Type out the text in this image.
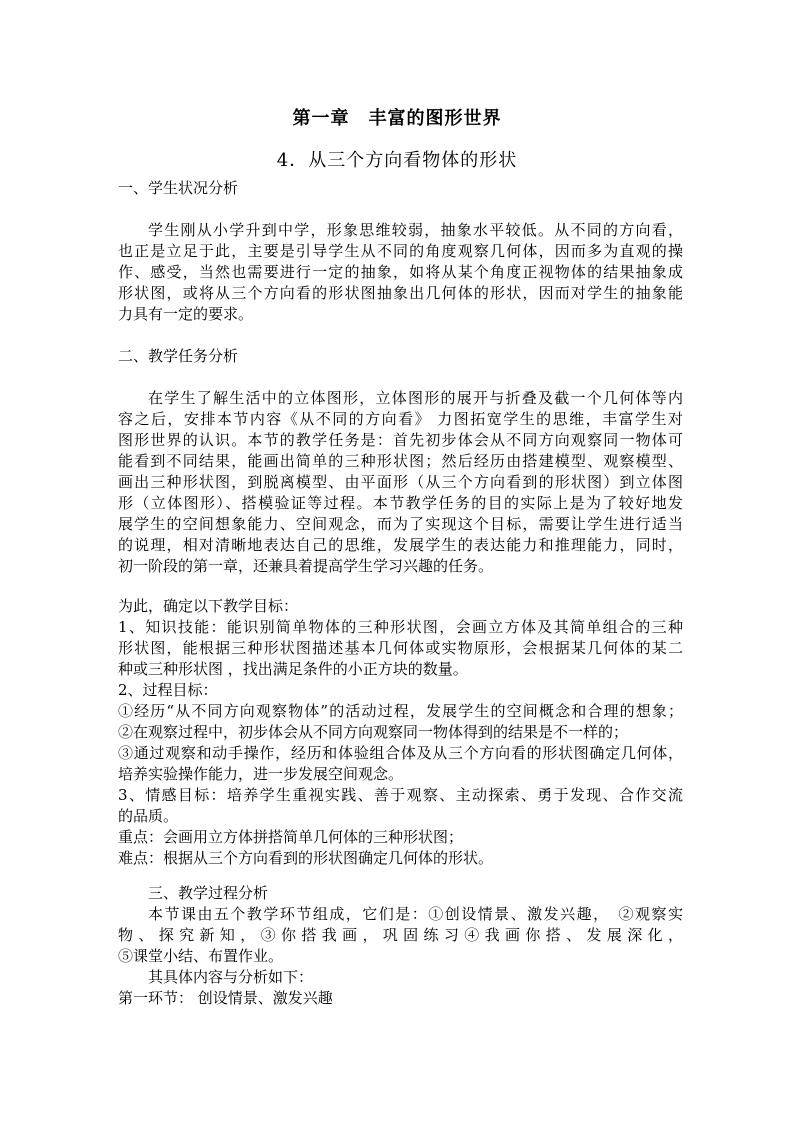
第一章　丰富的图形世界
4．从三个方向看物体的形状
一、学生状况分析
学生刚从小学升到中学，形象思维较弱，抽象水平较低。从不同的方向看，
也正是立足于此，主要是引导学生从不同的角度观察几何体，因而多为直观的操
作、感受，当然也需要进行一定的抽象，如将从某个角度正视物体的结果抽象成
形状图，或将从三个方向看的形状图抽象出几何体的形状，因而对学生的抽象能
力具有一定的要求。
二、教学任务分析
在学生了解生活中的立体图形，立体图形的展开与折叠及截一个几何体等内
容之后，安排本节内容《从不同的方向看》 力图拓宽学生的思维，丰富学生对
图形世界的认识。本节的教学任务是：首先初步体会从不同方向观察同一物体可
能看到不同结果，能画出简单的三种形状图；然后经历由搭建模型、观察模型、
画出三种形状图，到脱离模型、由平面形（从三个方向看到的形状图）到立体图
形（立体图形）、搭模验证等过程。本节教学任务的目的实际上是为了较好地发
展学生的空间想象能力、空间观念，而为了实现这个目标，需要让学生进行适当
的说理，相对清晰地表达自己的思维，发展学生的表达能力和推理能力，同时，
初一阶段的第一章，还兼具着提高学生学习兴趣的任务。
为此，确定以下教学目标：
1、知识技能：能识别简单物体的三种形状图，会画立方体及其简单组合的三种
形状图，能根据三种形状图描述基本几何体或实物原形，会根据某几何体的某二
种或三种形状图 ，找出满足条件的小正方块的数量。
2、过程目标：
①经历“从不同方向观察物体”的活动过程，发展学生的空间概念和合理的想象；
②在观察过程中，初步体会从不同方向观察同一物体得到的结果是不一样的；
③通过观察和动手操作，经历和体验组合体及从三个方向看的形状图确定几何体，
培养实验操作能力，进一步发展空间观念。
3、情感目标：培养学生重视实践、善于观察、主动探索、勇于发现、合作交流
的品质。
重点：会画用立方体拼搭简单几何体的三种形状图；
难点：根据从三个方向看到的形状图确定几何体的形状。
三、教学过程分析
本节课由五个教学环节组成，它们是：①创设情景、激发兴趣，　②观察实
物、探究新知，③你搭我画，巩固练习④我画你搭、发展深化，
⑤课堂小结、布置作业。
其具体内容与分析如下：
第一环节： 创设情景、激发兴趣
